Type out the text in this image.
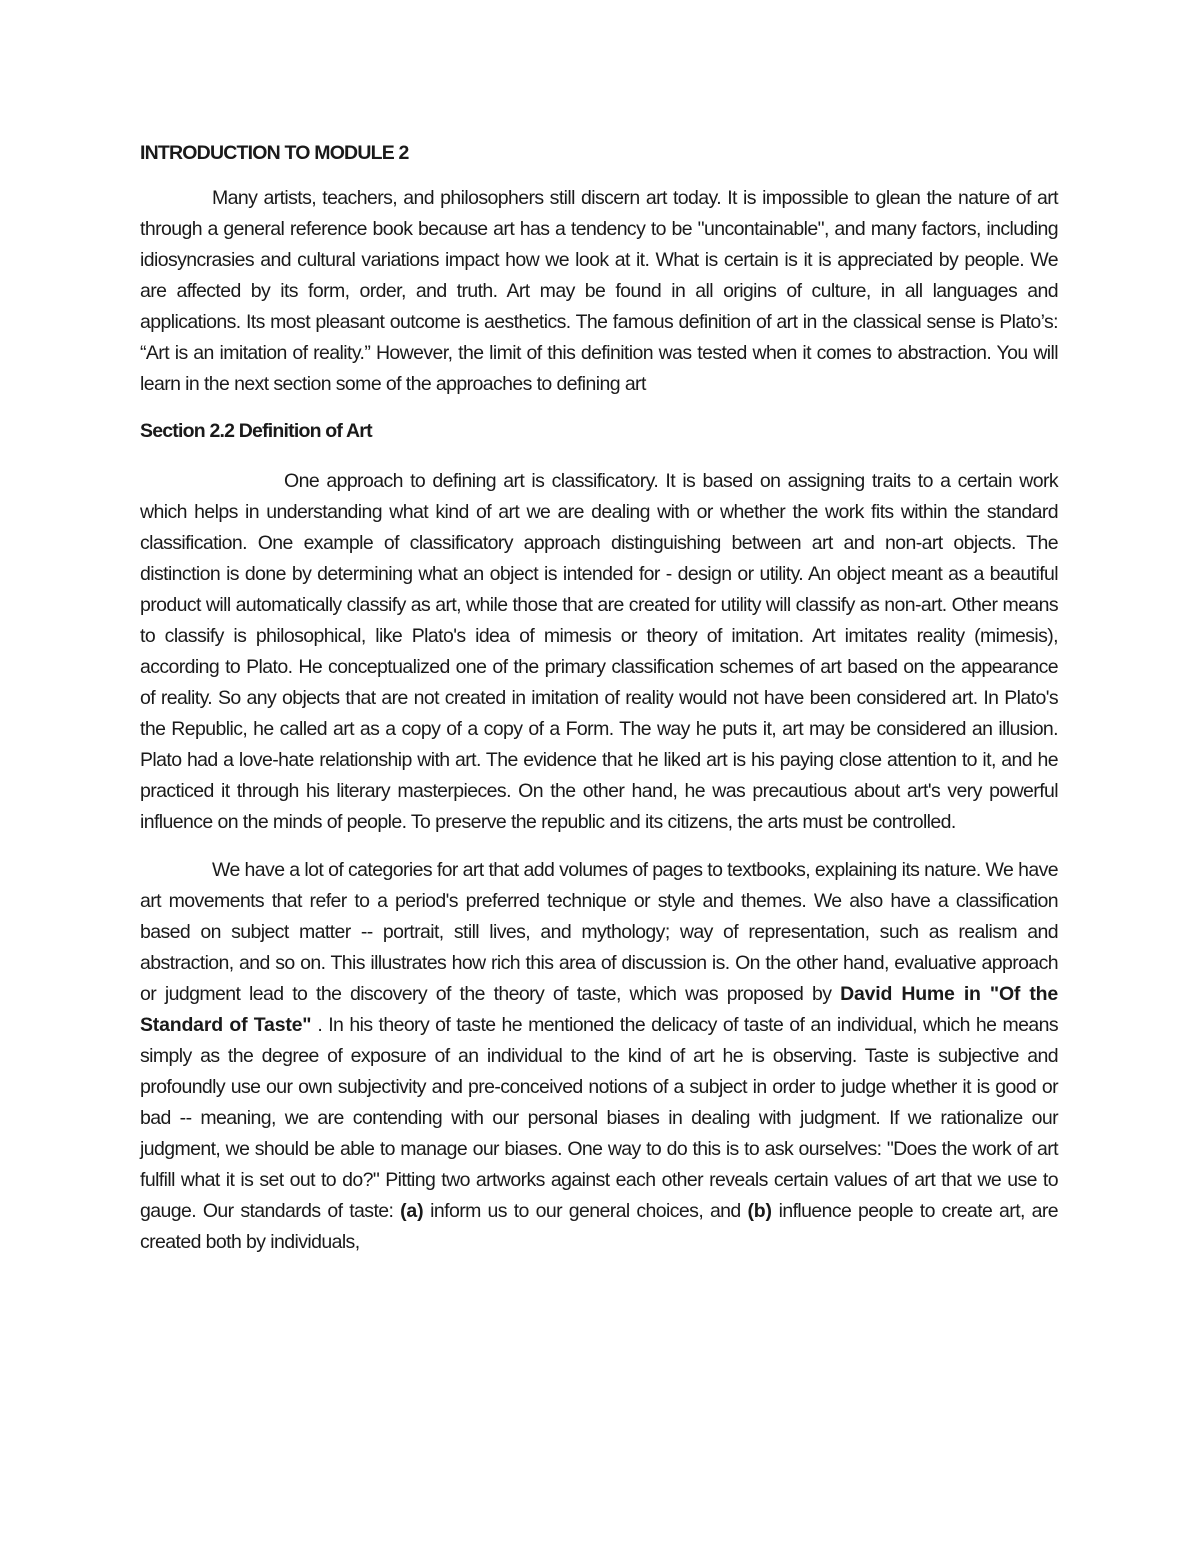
INTRODUCTION TO MODULE 2

Many artists, teachers, and philosophers still discern art today. It is impossible to glean the nature of art through a general reference book because art has a tendency to be "uncontainable", and many factors, including idiosyncrasies and cultural variations impact how we look at it. What is certain is it is appreciated by people. We are affected by its form, order, and truth. Art may be found in all origins of culture, in all languages and applications. Its most pleasant outcome is aesthetics. The famous definition of art in the classical sense is Plato’s: “Art is an imitation of reality.” However, the limit of this definition was tested when it comes to abstraction. You will learn in the next section some of the approaches to defining art

Section 2.2 Definition of Art

One approach to defining art is classificatory. It is based on assigning traits to a certain work which helps in understanding what kind of art we are dealing with or whether the work fits within the standard classification. One example of classificatory approach distinguishing between art and non-art objects. The distinction is done by determining what an object is intended for - design or utility. An object meant as a beautiful product will automatically classify as art, while those that are created for utility will classify as non-art. Other means to classify is philosophical, like Plato's idea of mimesis or theory of imitation. Art imitates reality (mimesis), according to Plato. He conceptualized one of the primary classification schemes of art based on the appearance of reality. So any objects that are not created in imitation of reality would not have been considered art. In Plato's the Republic, he called art as a copy of a copy of a Form. The way he puts it, art may be considered an illusion. Plato had a love-hate relationship with art. The evidence that he liked art is his paying close attention to it, and he practiced it through his literary masterpieces. On the other hand, he was precautious about art's very powerful influence on the minds of people. To preserve the republic and its citizens, the arts must be controlled.

We have a lot of categories for art that add volumes of pages to textbooks, explaining its nature. We have art movements that refer to a period's preferred technique or style and themes. We also have a classification based on subject matter -- portrait, still lives, and mythology; way of representation, such as realism and abstraction, and so on. This illustrates how rich this area of discussion is. On the other hand, evaluative approach or judgment lead to the discovery of the theory of taste, which was proposed by David Hume in "Of the Standard of Taste" . In his theory of taste he mentioned the delicacy of taste of an individual, which he means simply as the degree of exposure of an individual to the kind of art he is observing. Taste is subjective and profoundly use our own subjectivity and pre-conceived notions of a subject in order to judge whether it is good or bad -- meaning, we are contending with our personal biases in dealing with judgment. If we rationalize our judgment, we should be able to manage our biases. One way to do this is to ask ourselves: "Does the work of art fulfill what it is set out to do?" Pitting two artworks against each other reveals certain values of art that we use to gauge. Our standards of taste: (a) inform us to our general choices, and (b) influence people to create art, are created both by individuals,
